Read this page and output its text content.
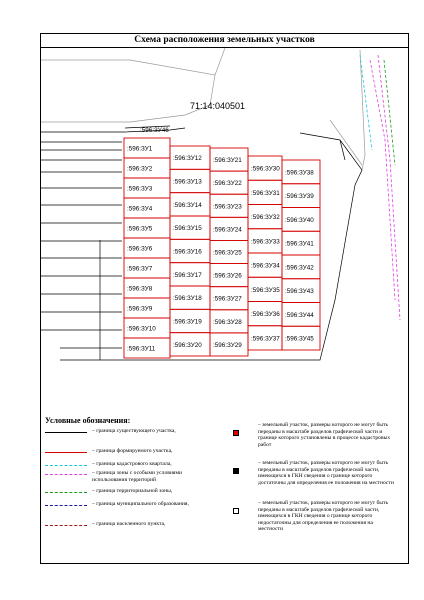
Схема расположения земельных участков
:596:ЗУ1
:596:ЗУ2
:596:ЗУ3
:596:ЗУ4
:596:ЗУ5
:596:ЗУ6
:596:ЗУ7
:596:ЗУ8
:596:ЗУ9
:596:ЗУ10
:596:ЗУ11
:596:ЗУ12
:596:ЗУ13
:596:ЗУ14
:596:ЗУ15
:596:ЗУ16
:596:ЗУ17
:596:ЗУ18
:596:ЗУ19
:596:ЗУ20
:596:ЗУ21
:596:ЗУ22
:596:ЗУ23
:596:ЗУ24
:596:ЗУ25
:596:ЗУ26
:596:ЗУ27
:596:ЗУ28
:596:ЗУ29
:596:ЗУ30
:596:ЗУ31
:596:ЗУ32
:596:ЗУ33
:596:ЗУ34
:596:ЗУ35
:596:ЗУ36
:596:ЗУ37
:596:ЗУ38
:596:ЗУ39
:596:ЗУ40
:596:ЗУ41
:596:ЗУ42
:596:ЗУ43
:596:ЗУ44
:596:ЗУ45
:596:ЗУ46
71:14:040501
Условные обозначения:
– граница существующего участка,
– граница формируемого участка,
– граница кадастрового квартала,
– граница зоны с особыми условиями использования территорий
– граница территориальной зоны,
– граница муниципального образования,
– граница населенного пункта,
– земельный участок, размеры которого не могут быть переданы в масштабе разделов графической части и границе которого установлены в процессе кадастровых работ
– земельный участок, размеры которого не могут быть переданы в масштабе разделов графической части, имеющихся в ГКН сведения о границе которого достаточны для определения ее положения на местности
– земельный участок, размеры которого не могут быть переданы в масштабе разделов графической части, имеющихся в ГКН сведения о границе которого недостаточны для определения ее положения на местности
